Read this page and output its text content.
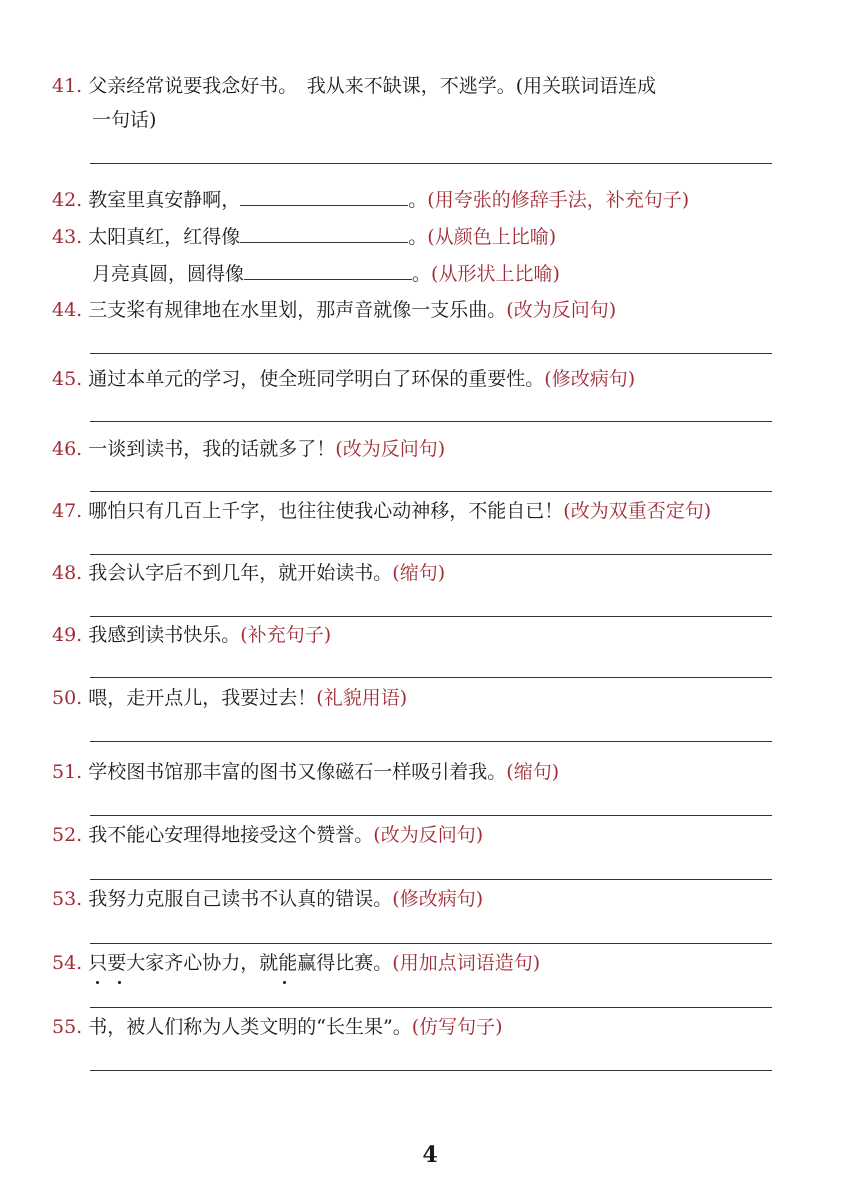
41. 父亲经常说要我念好书。　我从来不缺课，不逃学。(用关联词语连成
一句话)
42. 教室里真安静啊，	。(用夸张的修辞手法，补充句子)
43. 太阳真红，红得像	。(从颜色上比喻)
月亮真圆，圆得像	。(从形状上比喻)
44. 三支桨有规律地在水里划，那声音就像一支乐曲。(改为反问句)
45. 通过本单元的学习，使全班同学明白了环保的重要性。(修改病句)
46. 一谈到读书，我的话就多了！(改为反问句)
47. 哪怕只有几百上千字，也往往使我心动神移，不能自已！(改为双重否定句)
48. 我会认字后不到几年，就开始读书。(缩句)
49. 我感到读书快乐。(补充句子)
50. 喂，走开点儿，我要过去！(礼貌用语)
51. 学校图书馆那丰富的图书又像磁石一样吸引着我。(缩句)
52. 我不能心安理得地接受这个赞誉。(改为反问句)
53. 我努力克服自己读书不认真的错误。(修改病句)
54. 只要大家齐心协力，就能赢得比赛。(用加点词语造句)
55. 书，被人们称为人类文明的“长生果”。(仿写句子)
4
